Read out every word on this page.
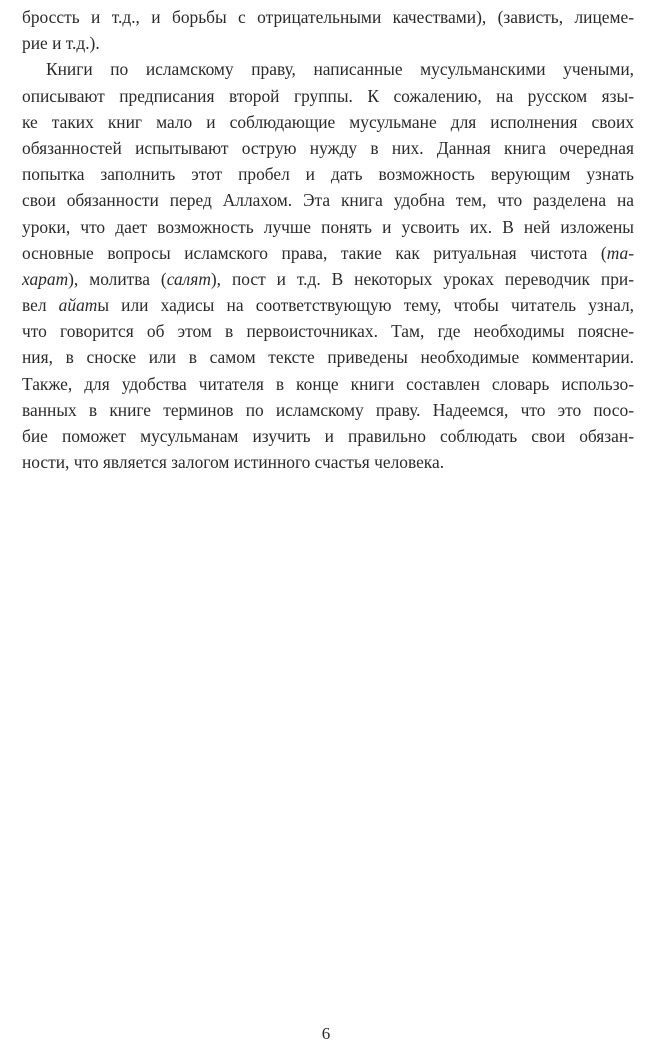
бросcть и т.д., и борьбы с отрицательными качествами), (зависть, лицеме-
рие и т.д.).
Книги по исламскому праву, написанные мусульманскими учеными,
описывают предписания второй группы. К сожалению, на русском язы-
ке таких книг мало и соблюдающие мусульмане для исполнения своих
обязанностей испытывают острую нужду в них. Данная книга очередная
попытка заполнить этот пробел и дать возможность верующим узнать
свои обязанности перед Аллахом. Эта книга удобна тем, что разделена на
уроки, что дает возможность лучше понять и усвоить их. В ней изложены
основные вопросы исламского права, такие как ритуальная чистота (та-
харат), молитва (салят), пост и т.д. В некоторых уроках переводчик при-
вел айаты или хадисы на соответствующую тему, чтобы читатель узнал,
что говорится об этом в первоисточниках. Там, где необходимы поясне-
ния, в сноске или в самом тексте приведены необходимые комментарии.
Также, для удобства читателя в конце книги составлен словарь использо-
ванных в книге терминов по исламскому праву. Надеемся, что это посо-
бие поможет мусульманам изучить и правильно соблюдать свои обязан-
ности, что является залогом истинного счастья человека.
6
